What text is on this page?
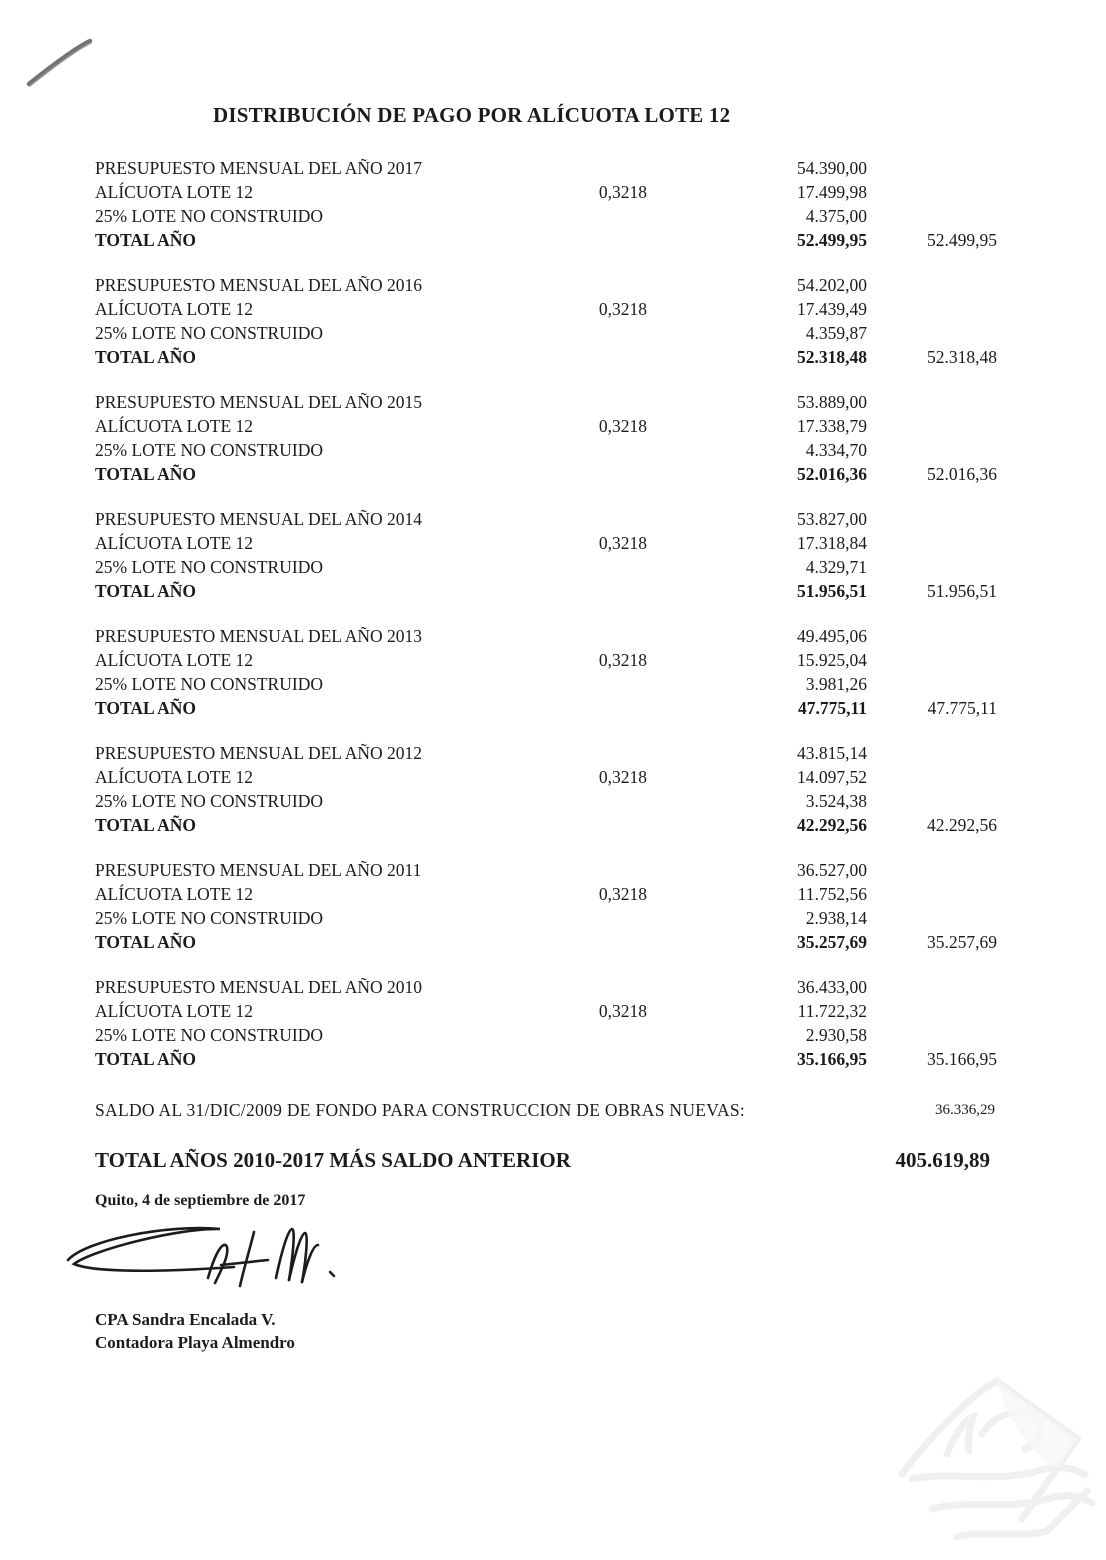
DISTRIBUCIÓN DE PAGO POR ALÍCUOTA LOTE 12
PRESUPUESTO MENSUAL DEL AÑO 2017	54.390,00
ALÍCUOTA LOTE 12	0,3218	17.499,98
25% LOTE NO CONSTRUIDO	4.375,00
TOTAL AÑO	52.499,95	52.499,95
PRESUPUESTO MENSUAL DEL AÑO 2016	54.202,00
ALÍCUOTA LOTE 12	0,3218	17.439,49
25% LOTE NO CONSTRUIDO	4.359,87
TOTAL AÑO	52.318,48	52.318,48
PRESUPUESTO MENSUAL DEL AÑO 2015	53.889,00
ALÍCUOTA LOTE 12	0,3218	17.338,79
25% LOTE NO CONSTRUIDO	4.334,70
TOTAL AÑO	52.016,36	52.016,36
PRESUPUESTO MENSUAL DEL AÑO 2014	53.827,00
ALÍCUOTA LOTE 12	0,3218	17.318,84
25% LOTE NO CONSTRUIDO	4.329,71
TOTAL AÑO	51.956,51	51.956,51
PRESUPUESTO MENSUAL DEL AÑO 2013	49.495,06
ALÍCUOTA LOTE 12	0,3218	15.925,04
25% LOTE NO CONSTRUIDO	3.981,26
TOTAL AÑO	47.775,11	47.775,11
PRESUPUESTO MENSUAL DEL AÑO 2012	43.815,14
ALÍCUOTA LOTE 12	0,3218	14.097,52
25% LOTE NO CONSTRUIDO	3.524,38
TOTAL AÑO	42.292,56	42.292,56
PRESUPUESTO MENSUAL DEL AÑO 2011	36.527,00
ALÍCUOTA LOTE 12	0,3218	11.752,56
25% LOTE NO CONSTRUIDO	2.938,14
TOTAL AÑO	35.257,69	35.257,69
PRESUPUESTO MENSUAL DEL AÑO 2010	36.433,00
ALÍCUOTA LOTE 12	0,3218	11.722,32
25% LOTE NO CONSTRUIDO	2.930,58
TOTAL AÑO	35.166,95	35.166,95
SALDO AL 31/DIC/2009 DE FONDO PARA CONSTRUCCION DE OBRAS NUEVAS:	36.336,29
TOTAL AÑOS 2010-2017 MÁS SALDO ANTERIOR	405.619,89
Quito, 4 de septiembre de 2017
CPA Sandra Encalada V.
Contadora Playa Almendro
